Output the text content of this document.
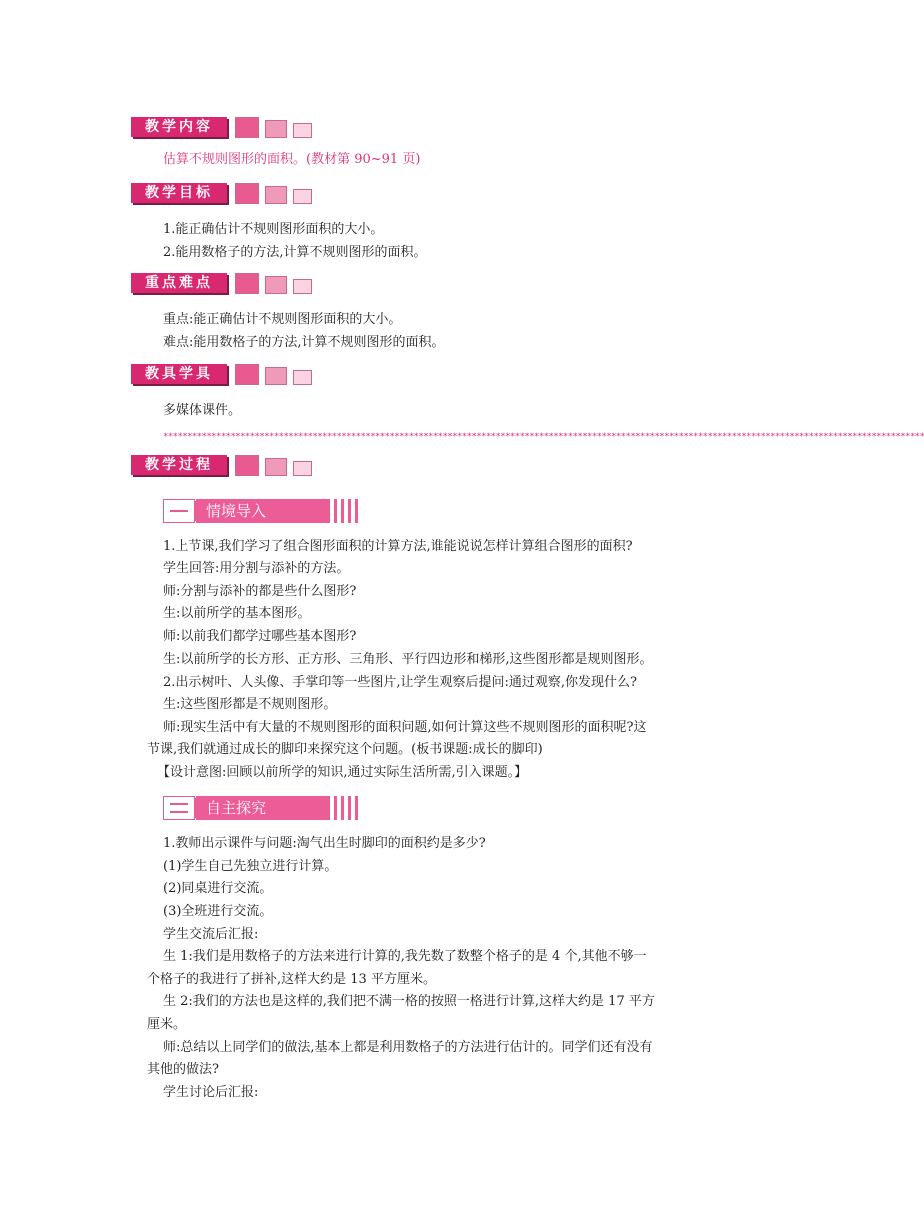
教学内容
估算不规则图形的面积。(教材第 90~91 页)
教学目标
1.能正确估计不规则图形面积的大小。
2.能用数格子的方法,计算不规则图形的面积。
重点难点
重点:能正确估计不规则图形面积的大小。
难点:能用数格子的方法,计算不规则图形的面积。
教具学具
多媒体课件。
**************************************************************************************************************************************************************
教学过程
情境导入
1.上节课,我们学习了组合图形面积的计算方法,谁能说说怎样计算组合图形的面积?
学生回答:用分割与添补的方法。
师:分割与添补的都是些什么图形?
生:以前所学的基本图形。
师:以前我们都学过哪些基本图形?
生:以前所学的长方形、正方形、三角形、平行四边形和梯形,这些图形都是规则图形。
2.出示树叶、人头像、手掌印等一些图片,让学生观察后提问:通过观察,你发现什么?
生:这些图形都是不规则图形。
师:现实生活中有大量的不规则图形的面积问题,如何计算这些不规则图形的面积呢?这
节课,我们就通过成长的脚印来探究这个问题。(板书课题:成长的脚印)
【设计意图:回顾以前所学的知识,通过实际生活所需,引入课题。】
自主探究
1.教师出示课件与问题:淘气出生时脚印的面积约是多少?
(1)学生自己先独立进行计算。
(2)同桌进行交流。
(3)全班进行交流。
学生交流后汇报:
生 1:我们是用数格子的方法来进行计算的,我先数了数整个格子的是 4 个,其他不够一
个格子的我进行了拼补,这样大约是 13 平方厘米。
生 2:我们的方法也是这样的,我们把不满一格的按照一格进行计算,这样大约是 17 平方
厘米。
师:总结以上同学们的做法,基本上都是利用数格子的方法进行估计的。同学们还有没有
其他的做法?
学生讨论后汇报:
